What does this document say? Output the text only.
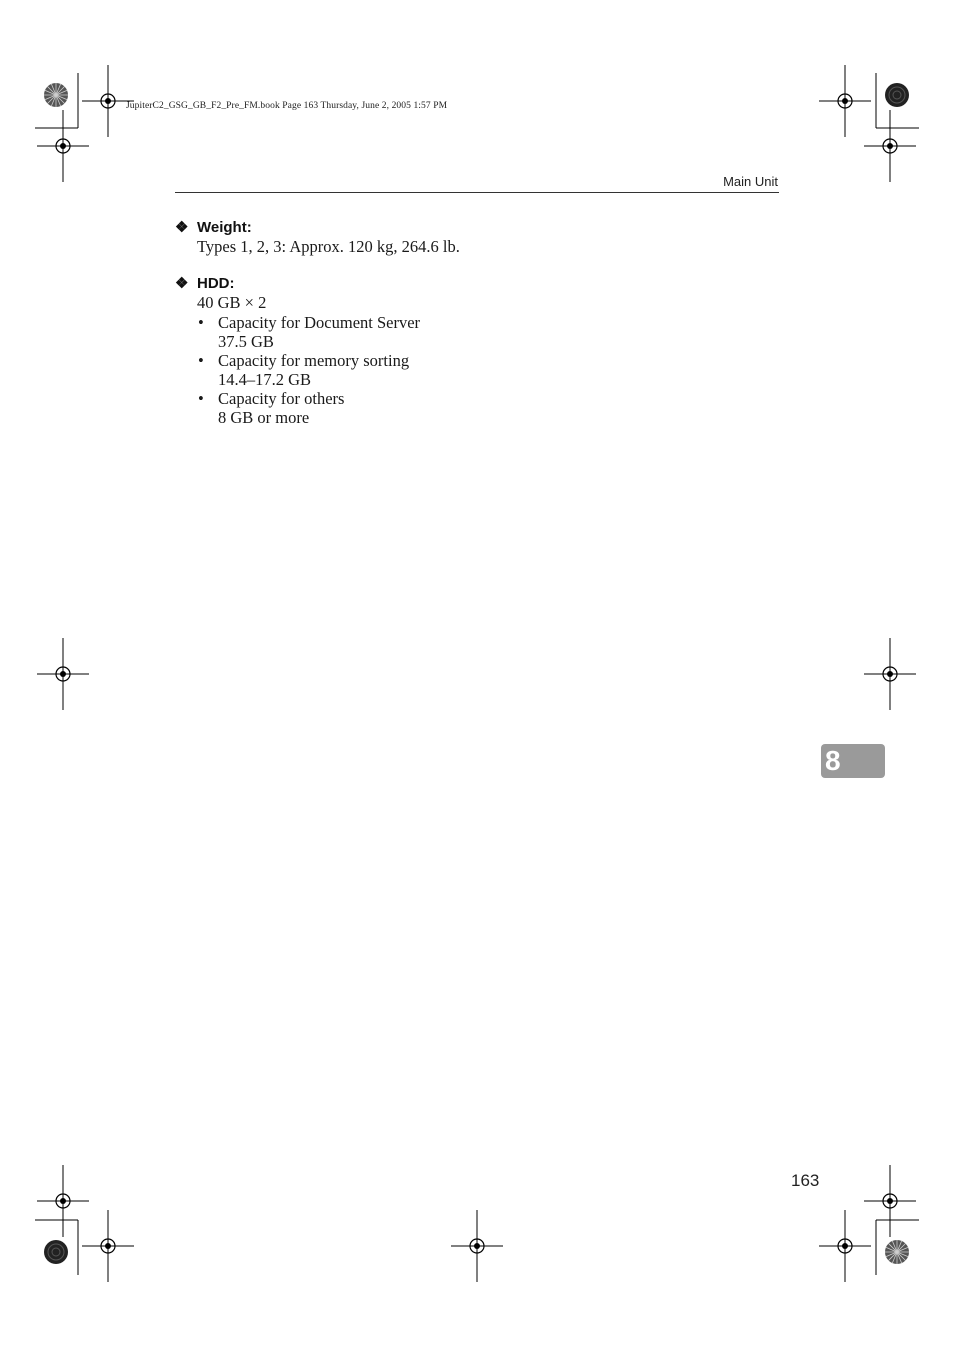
JupiterC2_GSG_GB_F2_Pre_FM.book Page 163 Thursday, June 2, 2005 1:57 PM
Main Unit
❖ Weight:
Types 1, 2, 3: Approx. 120 kg, 264.6 lb.
❖ HDD:
40 GB × 2
• Capacity for Document Server
37.5 GB
• Capacity for memory sorting
14.4–17.2 GB
• Capacity for others
8 GB or more
8
163
